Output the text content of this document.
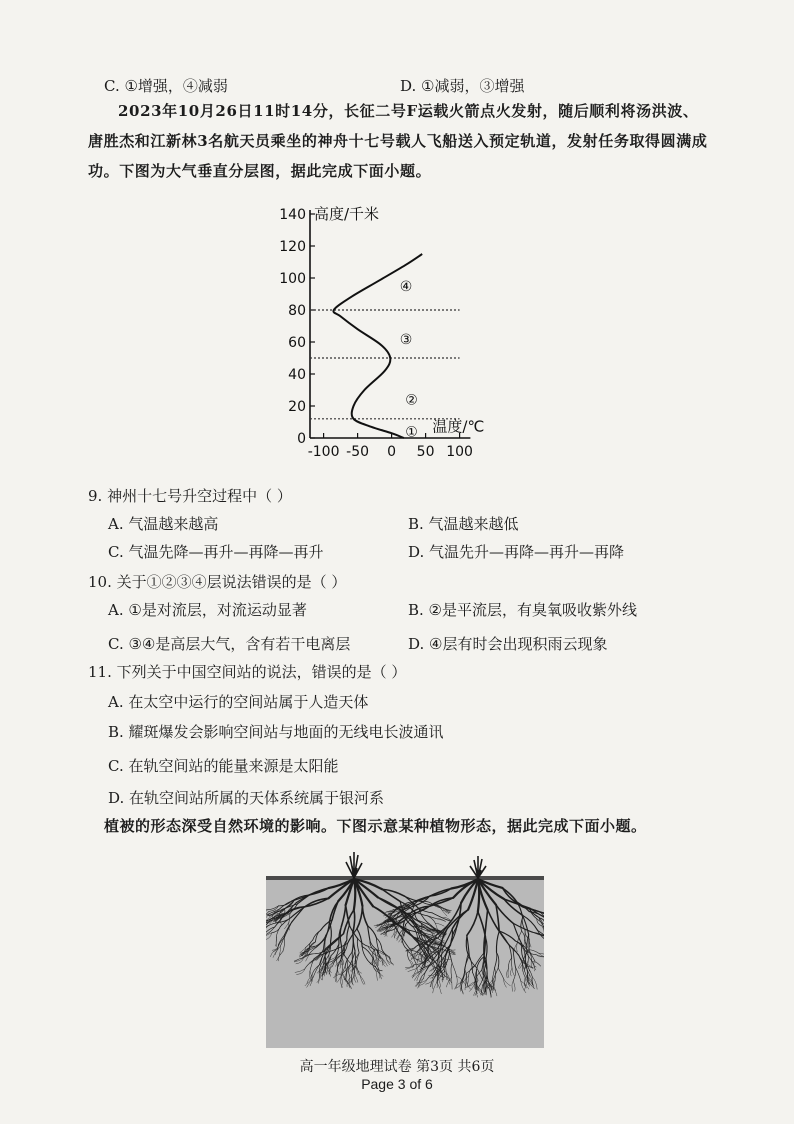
C. ①增强，④减弱	D. ①减弱，③增强
2023年10月26日11时14分，长征二号F运载火箭点火发射，随后顺利将汤洪波、唐胜杰和江新林3名航天员乘坐的神舟十七号载人飞船送入预定轨道，发射任务取得圆满成功。下图为大气垂直分层图，据此完成下面小题。
0
20
40
60
80
100
120
140
-100 -50 0 50 100
高度/千米
温度/℃
①
②
③
④
9. 神州十七号升空过程中（ ）
A. 气温越来越高	B. 气温越来越低
C. 气温先降—再升—再降—再升	D. 气温先升—再降—再升—再降
10. 关于①②③④层说法错误的是（ ）
A. ①是对流层，对流运动显著	B. ②是平流层，有臭氧吸收紫外线
C. ③④是高层大气，含有若干电离层	D. ④层有时会出现积雨云现象
11. 下列关于中国空间站的说法，错误的是（ ）
A. 在太空中运行的空间站属于人造天体
B. 耀斑爆发会影响空间站与地面的无线电长波通讯
C. 在轨空间站的能量来源是太阳能
D. 在轨空间站所属的天体系统属于银河系
植被的形态深受自然环境的影响。下图示意某种植物形态，据此完成下面小题。
高一年级地理试卷 第3页 共6页
Page 3 of 6
